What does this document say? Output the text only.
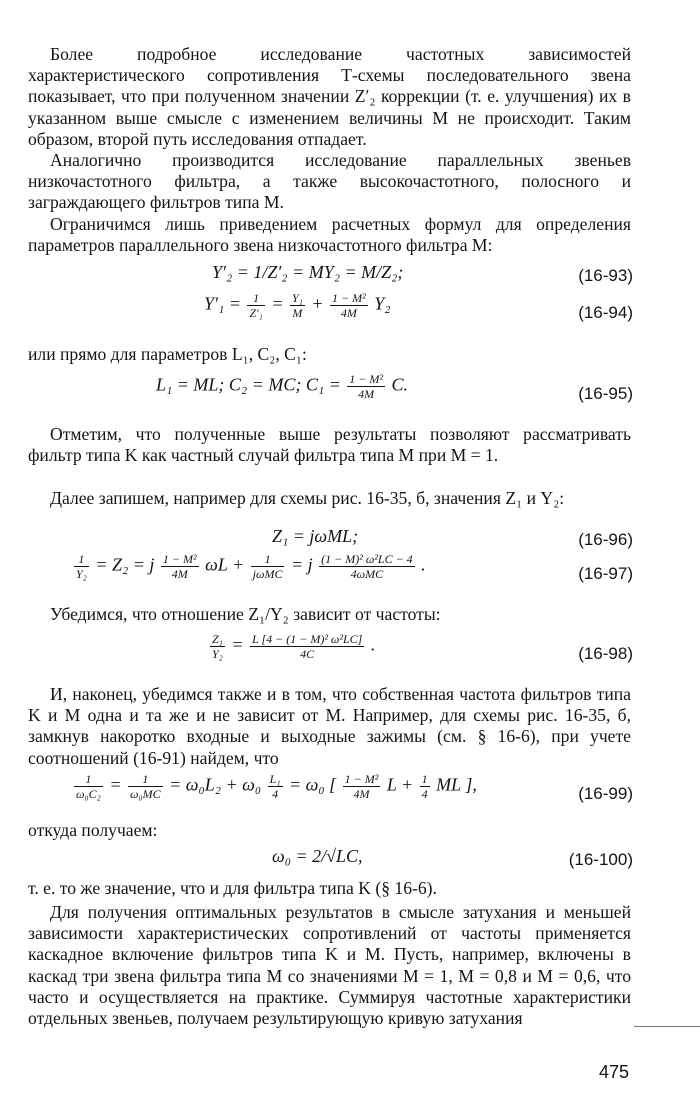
Более подробное исследование частотных зависимостей характеристического сопротивления Т-схемы последовательного звена показывает, что при полученном значении Z′₂ коррекции (т. е. улучшения) их в указанном выше смысле с изменением величины M не происходит. Таким образом, второй путь исследования отпадает.

Аналогично производится исследование параллельных звеньев низкочастотного фильтра, а также высокочастотного, полосного и заграждающего фильтров типа M.

Ограничимся лишь приведением расчетных формул для определения параметров параллельного звена низкочастотного фильтра M:

Y′₂ = 1/Z′₂ = MY₂ = M/Z₂;	(16-93)
$Y'_1 = \frac{1}{\text{Z′₁}} = \frac{\text{Y₁}}{M} + \frac{\text{1 − M²}}{4M} Y_2$	(16-94)

или прямо для параметров L₁, C₂, C₁:

L₁ = ML; C₂ = MC; $C_1 = \frac{\text{1 − M²}}{4M} C$.	(16-95)

Отметим, что полученные выше результаты позволяют рассматривать фильтр типа K как частный случай фильтра типа M при M = 1.

Далее запишем, например для схемы рис. 16-35, б, значения Z₁ и Y₂:

Z₁ = jωML;	(16-96)
$\frac{1}{\text{Y₂}} = Z_2 = j \frac{\text{1 − M²}}{4M}$ $\omega L + \frac{1}{\text{jωMC}} = j \frac{\text{(1 − M)² ω²LC − 4}}{\text{4ωMC}}$ .	(16-97)

Убедимся, что отношение Z₁/Y₂ зависит от частоты:

$\frac{\text{Z₁}}{\text{Y₂}} = \frac{\text{L [4 − (1 − M)² ω²LC]}}{4C}$ .	(16-98)

И, наконец, убедимся также и в том, что собственная частота фильтров типа K и M одна и та же и не зависит от M. Например, для схемы рис. 16-35, б, замкнув накоротко входные и выходные зажимы (см. § 16-6), при учете соотношений (16-91) найдем, что

$\frac{1}{\text{ω₀C₂}} = \frac{1}{\text{ω₀MC}} = \omega_0L_2 + \omega_0 \frac{\text{L₁}}{4} = \omega_0$ [ $\frac{\text{1 − M²}}{4M}$ $L + \frac{1}{4}$ ML ],	(16-99)

откуда получаем:

ω₀ = 2/√LC,	(16-100)

т. е. то же значение, что и для фильтра типа K (§ 16-6).

Для получения оптимальных результатов в смысле затухания и меньшей зависимости характеристических сопротивлений от частоты применяется каскадное включение фильтров типа K и M. Пусть, например, включены в каскад три звена фильтра типа M со значениями M = 1, M = 0,8 и M = 0,6, что часто и осуществляется на практике. Суммируя частотные характеристики отдельных звеньев, получаем результирующую кривую затухания

475
